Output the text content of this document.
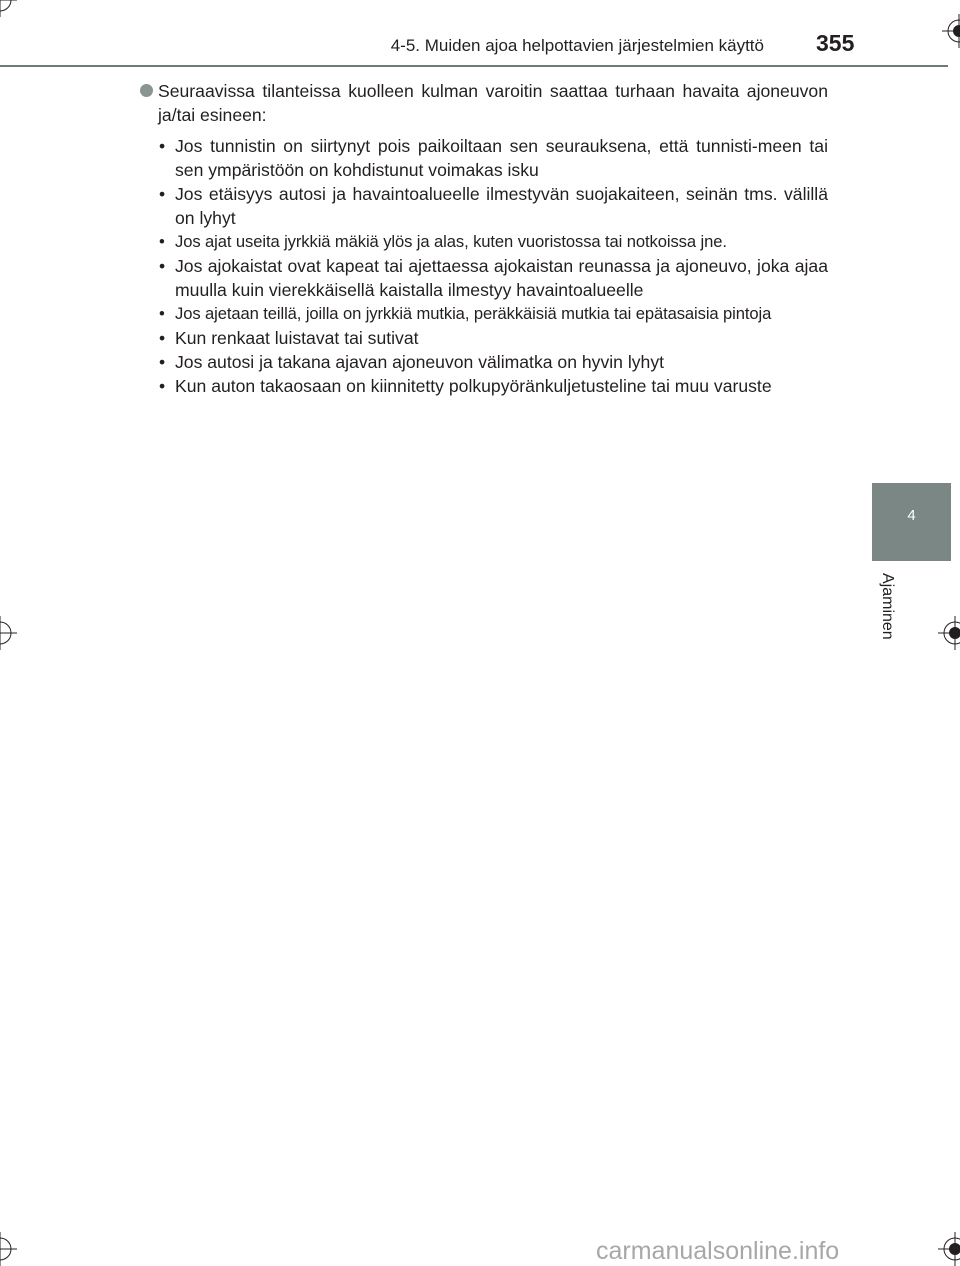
4-5. Muiden ajoa helpottavien järjestelmien käyttö 355
4
Ajaminen
Seuraavissa tilanteissa kuolleen kulman varoitin saattaa turhaan havaita ajoneuvon ja/tai esineen:
• Jos tunnistin on siirtynyt pois paikoiltaan sen seurauksena, että tunnisti-meen tai sen ympäristöön on kohdistunut voimakas isku
• Jos etäisyys autosi ja havaintoalueelle ilmestyvän suojakaiteen, seinän tms. välillä on lyhyt
• Jos ajat useita jyrkkiä mäkiä ylös ja alas, kuten vuoristossa tai notkoissa jne.
• Jos ajokaistat ovat kapeat tai ajettaessa ajokaistan reunassa ja ajoneuvo, joka ajaa muulla kuin vierekkäisellä kaistalla ilmestyy havaintoalueelle
• Jos ajetaan teillä, joilla on jyrkkiä mutkia, peräkkäisiä mutkia tai epätasaisia pintoja
• Kun renkaat luistavat tai sutivat
• Jos autosi ja takana ajavan ajoneuvon välimatka on hyvin lyhyt
• Kun auton takaosaan on kiinnitetty polkupyöränkuljetusteline tai muu varuste
carmanualsonline.info
